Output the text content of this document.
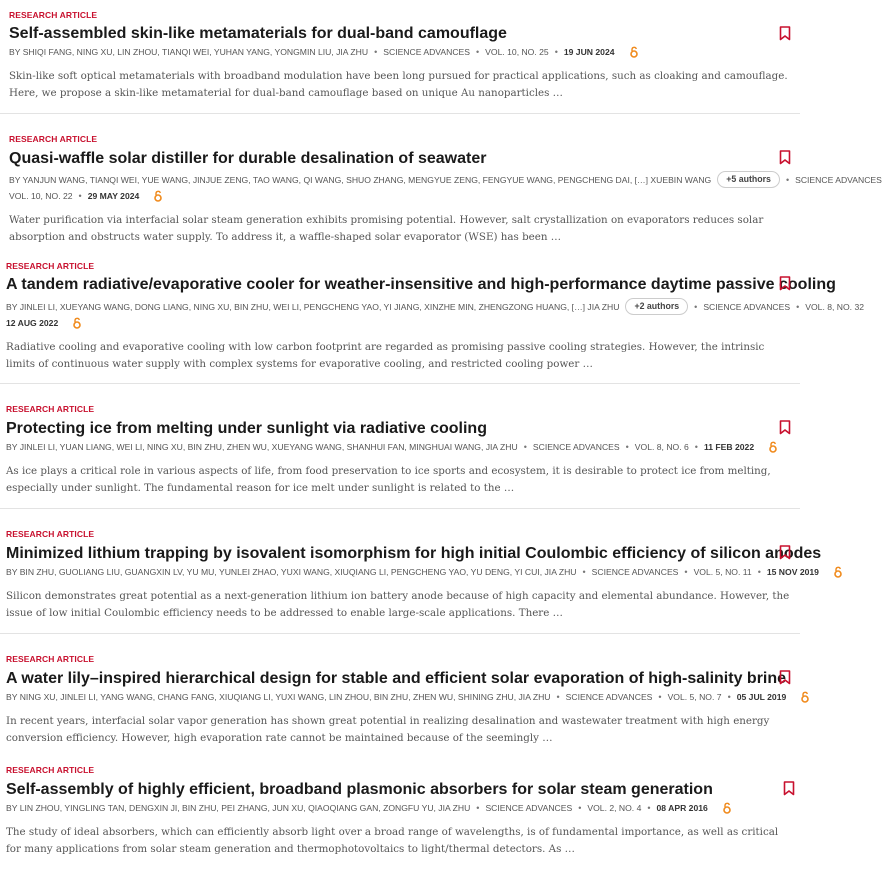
RESEARCH ARTICLE
Self-assembled skin-like metamaterials for dual-band camouflage
BY SHIQI FANG, NING XU, LIN ZHOU, TIANQI WEI, YUHAN YANG, YONGMIN LIU, JIA ZHU • SCIENCE ADVANCES • VOL. 10, NO. 25 • 19 JUN 2024
Skin-like soft optical metamaterials with broadband modulation have been long pursued for practical applications, such as cloaking and camouflage. Here, we propose a skin-like metamaterial for dual-band camouflage based on unique Au nanoparticles …
RESEARCH ARTICLE
Quasi-waffle solar distiller for durable desalination of seawater
BY YANJUN WANG, TIANQI WEI, YUE WANG, JINJUE ZENG, TAO WANG, QI WANG, SHUO ZHANG, MENGYUE ZENG, FENGYUE WANG, PENGCHENG DAI, […] XUEBIN WANG	+5 authors	• SCIENCE ADVANCES
VOL. 10, NO. 22 • 29 MAY 2024
Water purification via interfacial solar steam generation exhibits promising potential. However, salt crystallization on evaporators reduces solar absorption and obstructs water supply. To address it, a waffle-shaped solar evaporator (WSE) has been …
RESEARCH ARTICLE
A tandem radiative/evaporative cooler for weather-insensitive and high-performance daytime passive cooling
BY JINLEI LI, XUEYANG WANG, DONG LIANG, NING XU, BIN ZHU, WEI LI, PENGCHENG YAO, YI JIANG, XINZHE MIN, ZHENGZONG HUANG, […] JIA ZHU	+2 authors	• SCIENCE ADVANCES • VOL. 8, NO. 32
12 AUG 2022
Radiative cooling and evaporative cooling with low carbon footprint are regarded as promising passive cooling strategies. However, the intrinsic limits of continuous water supply with complex systems for evaporative cooling, and restricted cooling power …
RESEARCH ARTICLE
Protecting ice from melting under sunlight via radiative cooling
BY JINLEI LI, YUAN LIANG, WEI LI, NING XU, BIN ZHU, ZHEN WU, XUEYANG WANG, SHANHUI FAN, MINGHUAI WANG, JIA ZHU • SCIENCE ADVANCES • VOL. 8, NO. 6 • 11 FEB 2022
As ice plays a critical role in various aspects of life, from food preservation to ice sports and ecosystem, it is desirable to protect ice from melting, especially under sunlight. The fundamental reason for ice melt under sunlight is related to the …
RESEARCH ARTICLE
Minimized lithium trapping by isovalent isomorphism for high initial Coulombic efficiency of silicon anodes
BY BIN ZHU, GUOLIANG LIU, GUANGXIN LV, YU MU, YUNLEI ZHAO, YUXI WANG, XIUQIANG LI, PENGCHENG YAO, YU DENG, YI CUI, JIA ZHU • SCIENCE ADVANCES • VOL. 5, NO. 11 • 15 NOV 2019
Silicon demonstrates great potential as a next-generation lithium ion battery anode because of high capacity and elemental abundance. However, the issue of low initial Coulombic efficiency needs to be addressed to enable large-scale applications. There …
RESEARCH ARTICLE
A water lily–inspired hierarchical design for stable and efficient solar evaporation of high-salinity brine
BY NING XU, JINLEI LI, YANG WANG, CHANG FANG, XIUQIANG LI, YUXI WANG, LIN ZHOU, BIN ZHU, ZHEN WU, SHINING ZHU, JIA ZHU • SCIENCE ADVANCES • VOL. 5, NO. 7 • 05 JUL 2019
In recent years, interfacial solar vapor generation has shown great potential in realizing desalination and wastewater treatment with high energy conversion efficiency. However, high evaporation rate cannot be maintained because of the seemingly …
RESEARCH ARTICLE
Self-assembly of highly efficient, broadband plasmonic absorbers for solar steam generation
BY LIN ZHOU, YINGLING TAN, DENGXIN JI, BIN ZHU, PEI ZHANG, JUN XU, QIAOQIANG GAN, ZONGFU YU, JIA ZHU • SCIENCE ADVANCES • VOL. 2, NO. 4 • 08 APR 2016
The study of ideal absorbers, which can efficiently absorb light over a broad range of wavelengths, is of fundamental importance, as well as critical for many applications from solar steam generation and thermophotovoltaics to light/thermal detectors. As …
